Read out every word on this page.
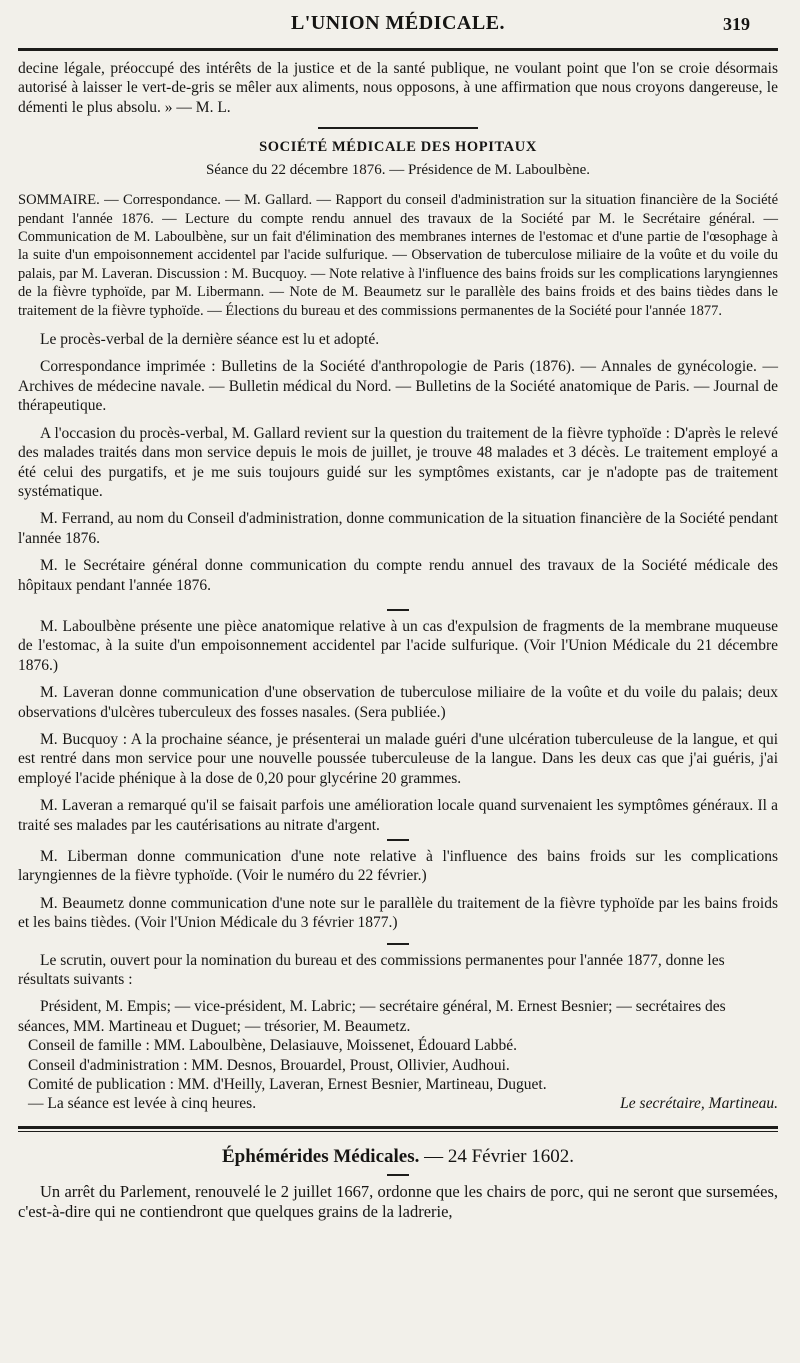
L'UNION MÉDICALE.	319

decine légale, préoccupé des intérêts de la justice et de la santé publique, ne voulant point que l'on se croie désormais autorisé à laisser le vert-de-gris se mêler aux aliments, nous opposons, à une affirmation que nous croyons dangereuse, le démenti le plus absolu. » — M. L.

SOCIÉTÉ MÉDICALE DES HOPITAUX
Séance du 22 décembre 1876. — Présidence de M. Laboulbène.

SOMMAIRE. — Correspondance. — M. Gallard. — Rapport du conseil d'administration sur la situation financière de la Société pendant l'année 1876. — Lecture du compte rendu annuel des travaux de la Société par M. le Secrétaire général. — Communication de M. Laboulbène, sur un fait d'élimination des membranes internes de l'estomac et d'une partie de l'œsophage à la suite d'un empoisonnement accidentel par l'acide sulfurique. — Observation de tuberculose miliaire de la voûte et du voile du palais, par M. Laveran. Discussion : M. Bucquoy. — Note relative à l'influence des bains froids sur les complications laryngiennes de la fièvre typhoïde, par M. Libermann. — Note de M. Beaumetz sur le parallèle des bains froids et des bains tièdes dans le traitement de la fièvre typhoïde. — Élections du bureau et des commissions permanentes de la Société pour l'année 1877.

Le procès-verbal de la dernière séance est lu et adopté.

Correspondance imprimée : Bulletins de la Société d'anthropologie de Paris (1876). — Annales de gynécologie. — Archives de médecine navale. — Bulletin médical du Nord. — Bulletins de la Société anatomique de Paris. — Journal de thérapeutique.

A l'occasion du procès-verbal, M. Gallard revient sur la question du traitement de la fièvre typhoïde : D'après le relevé des malades traités dans mon service depuis le mois de juillet, je trouve 48 malades et 3 décès. Le traitement employé a été celui des purgatifs, et je me suis toujours guidé sur les symptômes existants, car je n'adopte pas de traitement systématique.

M. Ferrand, au nom du Conseil d'administration, donne communication de la situation financière de la Société pendant l'année 1876.

M. le Secrétaire général donne communication du compte rendu annuel des travaux de la Société médicale des hôpitaux pendant l'année 1876.

M. Laboulbène présente une pièce anatomique relative à un cas d'expulsion de fragments de la membrane muqueuse de l'estomac, à la suite d'un empoisonnement accidentel par l'acide sulfurique. (Voir l'Union Médicale du 21 décembre 1876.)

M. Laveran donne communication d'une observation de tuberculose miliaire de la voûte et du voile du palais; deux observations d'ulcères tuberculeux des fosses nasales. (Sera publiée.)

M. Bucquoy : A la prochaine séance, je présenterai un malade guéri d'une ulcération tuberculeuse de la langue, et qui est rentré dans mon service pour une nouvelle poussée tuberculeuse de la langue. Dans les deux cas que j'ai guéris, j'ai employé l'acide phénique à la dose de 0,20 pour glycérine 20 grammes.

M. Laveran a remarqué qu'il se faisait parfois une amélioration locale quand survenaient les symptômes généraux. Il a traité ses malades par les cautérisations au nitrate d'argent.

M. Liberman donne communication d'une note relative à l'influence des bains froids sur les complications laryngiennes de la fièvre typhoïde. (Voir le numéro du 22 février.)

M. Beaumetz donne communication d'une note sur le parallèle du traitement de la fièvre typhoïde par les bains froids et les bains tièdes. (Voir l'Union Médicale du 3 février 1877.)

Le scrutin, ouvert pour la nomination du bureau et des commissions permanentes pour l'année 1877, donne les résultats suivants :

Président, M. Empis; — vice-président, M. Labric; — secrétaire général, M. Ernest Besnier; — secrétaires des séances, MM. Martineau et Duguet; — trésorier, M. Beaumetz.

Conseil de famille : MM. Laboulbène, Delasiauve, Moissenet, Édouard Labbé.

Conseil d'administration : MM. Desnos, Brouardel, Proust, Ollivier, Audhoui.

Comité de publication : MM. d'Heilly, Laveran, Ernest Besnier, Martineau, Duguet.

— La séance est levée à cinq heures.	Le secrétaire, Martineau.
Éphémérides Médicales. — 24 Février 1602.

Un arrêt du Parlement, renouvelé le 2 juillet 1667, ordonne que les chairs de porc, qui ne seront que sursemées, c'est-à-dire qui ne contiendront que quelques grains de la ladrerie,
